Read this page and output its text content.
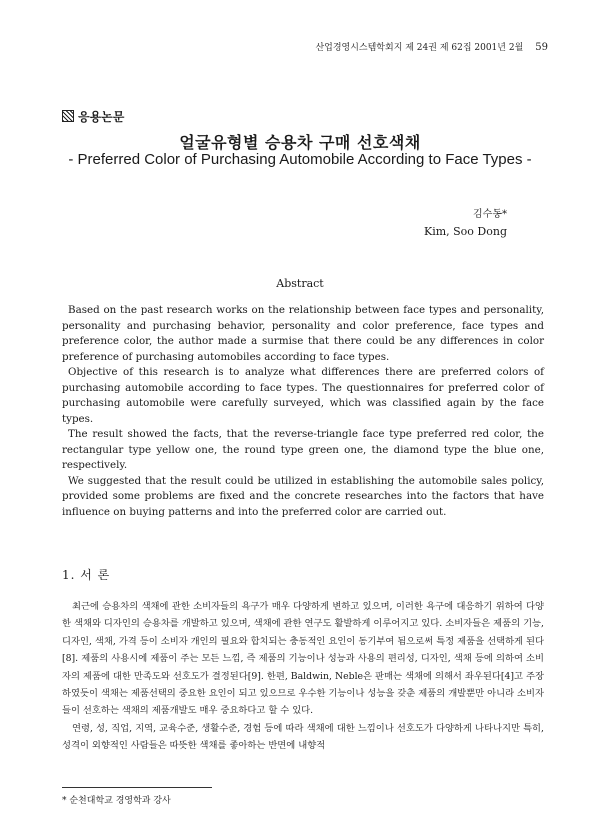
산업경영시스템학회지 제 24권 제 62집 2001년 2월 59
응용논문
얼굴유형별 승용차 구매 선호색채
- Preferred Color of Purchasing Automobile According to Face Types -
김수동*
Kim, Soo Dong
Abstract

Based on the past research works on the relationship between face types and personality, personality and purchasing behavior, personality and color preference, face types and preference color, the author made a surmise that there could be any differences in color preference of purchasing automobiles according to face types.

Objective of this research is to analyze what differences there are preferred colors of purchasing automobile according to face types. The questionnaires for preferred color of purchasing automobile were carefully surveyed, which was classified again by the face types.

The result showed the facts, that the reverse-triangle face type preferred red color, the rectangular type yellow one, the round type green one, the diamond type the blue one, respectively.

We suggested that the result could be utilized in establishing the automobile sales policy, provided some problems are fixed and the concrete researches into the factors that have influence on buying patterns and into the preferred color are carried out.

1. 서 론

최근에 승용차의 색채에 관한 소비자들의 욕구가 매우 다양하게 변하고 있으며, 이러한 욕구에 대응하기 위하여 다양한 색채와 디자인의 승용차를 개발하고 있으며, 색채에 관한 연구도 활발하게 이루어지고 있다. 소비자들은 제품의 기능, 디자인, 색채, 가격 등이 소비자 개인의 필요와 합치되는 충동적인 요인이 동기부여 됨으로써 특정 제품을 선택하게 된다[8]. 제품의 사용시에 제품이 주는 모든 느낌, 즉 제품의 기능이나 성능과 사용의 편리성, 디자인, 색채 등에 의하여 소비자의 제품에 대한 만족도와 선호도가 결정된다[9]. 한편, Baldwin, Neble은 판매는 색채에 의해서 좌우된다[4]고 주장하였듯이 색채는 제품선택의 중요한 요인이 되고 있으므로 우수한 기능이나 성능을 갖춘 제품의 개발뿐만 아니라 소비자들이 선호하는 색채의 제품개발도 매우 중요하다고 할 수 있다.

연령, 성, 직업, 지역, 교육수준, 생활수준, 경험 등에 따라 색채에 대한 느낌이나 선호도가 다양하게 나타나지만 특히, 성격이 외향적인 사람들은 따뜻한 색채를 좋아하는 반면에 내향적

* 순천대학교 경영학과 강사
